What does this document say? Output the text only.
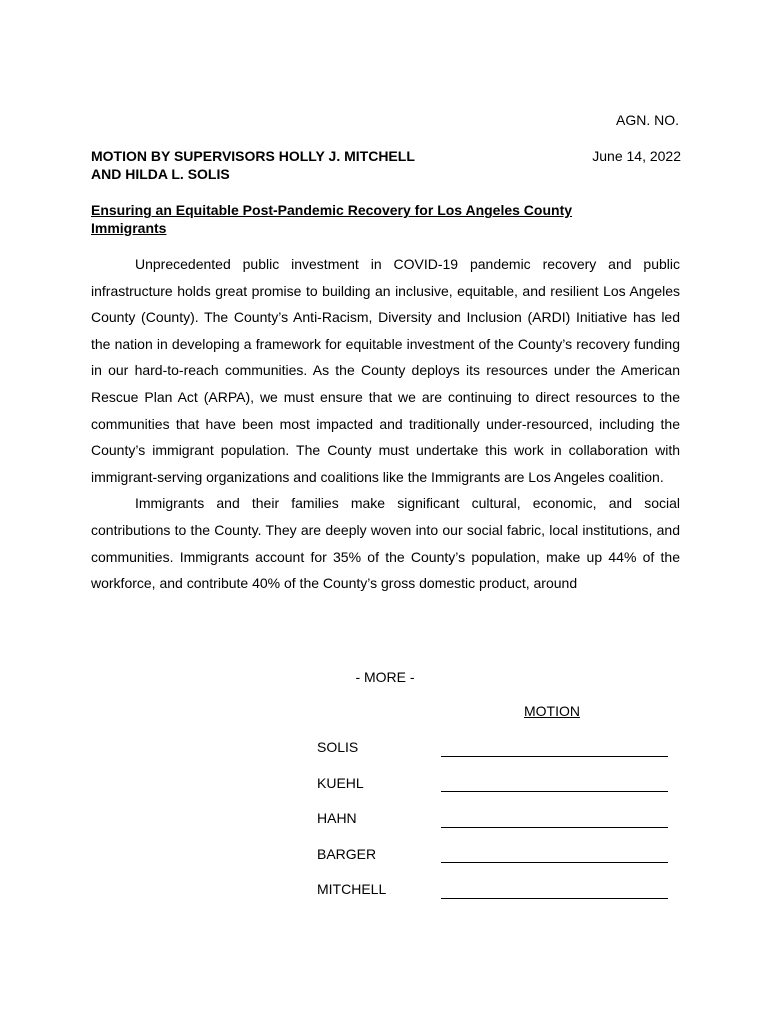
AGN. NO.
MOTION BY SUPERVISORS HOLLY J. MITCHELL
AND HILDA L. SOLIS
June 14, 2022
Ensuring an Equitable Post-Pandemic Recovery for Los Angeles County
Immigrants

Unprecedented public investment in COVID-19 pandemic recovery and public infrastructure holds great promise to building an inclusive, equitable, and resilient Los Angeles County (County). The County’s Anti-Racism, Diversity and Inclusion (ARDI) Initiative has led the nation in developing a framework for equitable investment of the County’s recovery funding in our hard-to-reach communities. As the County deploys its resources under the American Rescue Plan Act (ARPA), we must ensure that we are continuing to direct resources to the communities that have been most impacted and traditionally under-resourced, including the County’s immigrant population. The County must undertake this work in collaboration with immigrant-serving organizations and coalitions like the Immigrants are Los Angeles coalition.

Immigrants and their families make significant cultural, economic, and social contributions to the County. They are deeply woven into our social fabric, local institutions, and communities. Immigrants account for 35% of the County’s population, make up 44% of the workforce, and contribute 40% of the County’s gross domestic product, around

- MORE -
MOTION
SOLIS
KUEHL
HAHN
BARGER
MITCHELL
